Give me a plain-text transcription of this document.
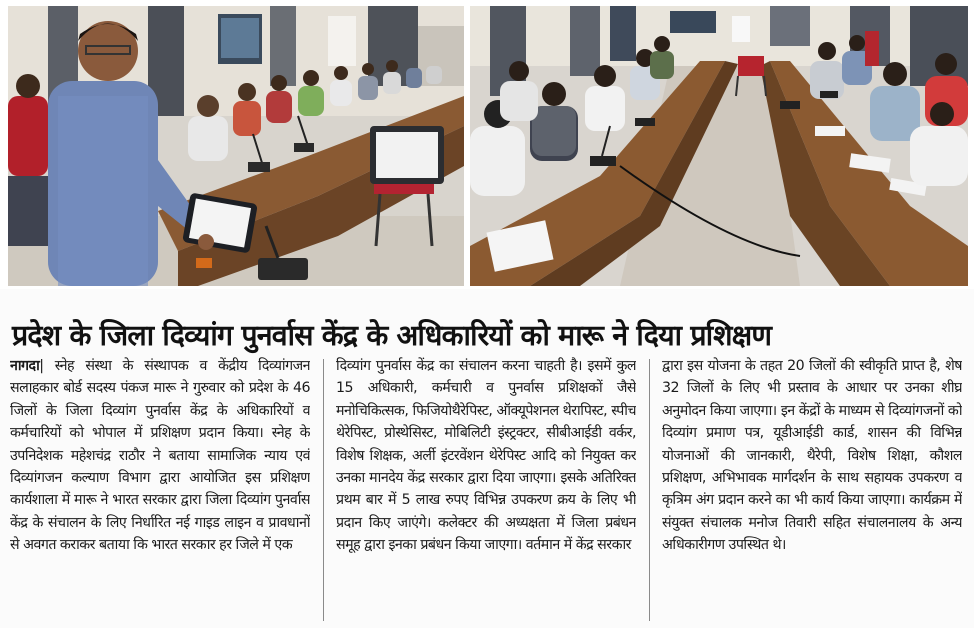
प्रदेश के जिला दिव्यांग पुनर्वास केंद्र के अधिकारियों को मारू ने दिया प्रशिक्षण

नागदा| स्नेह संस्था के संस्थापक व केंद्रीय दिव्यांगजन सलाहकार बोर्ड सदस्य पंकज मारू ने गुरुवार को प्रदेश के 46 जिलों के जिला दिव्यांग पुनर्वास केंद्र के अधिकारियों व कर्मचारियों को भोपाल में प्रशिक्षण प्रदान किया। स्नेह के उपनिदेशक महेशचंद्र राठौर ने बताया सामाजिक न्याय एवं दिव्यांगजन कल्याण विभाग द्वारा आयोजित इस प्रशिक्षण कार्यशाला में मारू ने भारत सरकार द्वारा जिला दिव्यांग पुनर्वास केंद्र के संचालन के लिए निर्धारित नई गाइड लाइन व प्रावधानों से अवगत कराकर बताया कि भारत सरकार हर जिले में एक

दिव्यांग पुनर्वास केंद्र का संचालन करना चाहती है। इसमें कुल 15 अधिकारी, कर्मचारी व पुनर्वास प्रशिक्षकों जैसे मनोचिकित्सक, फिजियोथैरेपिस्ट, ऑक्यूपेशनल थेरापिस्ट, स्पीच थेरेपिस्ट, प्रोस्थेसिस्ट, मोबिलिटी इंस्ट्रक्टर, सीबीआईडी वर्कर, विशेष शिक्षक, अर्ली इंटरवेंशन थेरेपिस्ट आदि को नियुक्त कर उनका मानदेय केंद्र सरकार द्वारा दिया जाएगा। इसके अतिरिक्त प्रथम बार में 5 लाख रुपए विभिन्न उपकरण क्रय के लिए भी प्रदान किए जाएंगे। कलेक्टर की अध्यक्षता में जिला प्रबंधन समूह द्वारा इनका प्रबंधन किया जाएगा। वर्तमान में केंद्र सरकार

द्वारा इस योजना के तहत 20 जिलों की स्वीकृति प्राप्त है, शेष 32 जिलों के लिए भी प्रस्ताव के आधार पर उनका शीघ्र अनुमोदन किया जाएगा। इन केंद्रों के माध्यम से दिव्यांगजनों को दिव्यांग प्रमाण पत्र, यूडीआईडी कार्ड, शासन की विभिन्न योजनाओं की जानकारी, थैरेपी, विशेष शिक्षा, कौशल प्रशिक्षण, अभिभावक मार्गदर्शन के साथ सहायक उपकरण व कृत्रिम अंग प्रदान करने का भी कार्य किया जाएगा। कार्यक्रम में संयुक्त संचालक मनोज तिवारी सहित संचालनालय के अन्य अधिकारीगण उपस्थित थे।
